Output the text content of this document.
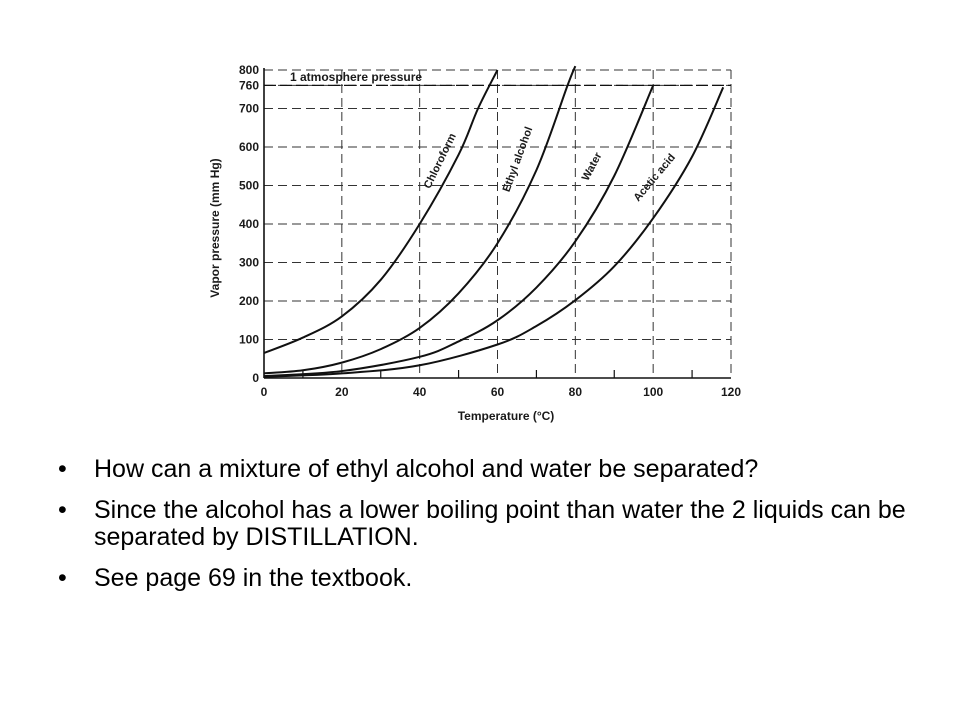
0
100
200
300
400
500
600
700
760
800
0	20	40	60	80	100	120
Chloroform	Ethyl alcohol	Water Acetic acid
1 atmosphere pressure
Temperature (°C)
Vapor pressure (mm Hg)
• How can a mixture of ethyl alcohol and water be separated?
• Since the alcohol has a lower boiling point than water the 2 liquids can be separated by DISTILLATION.
• See page 69 in the textbook.
